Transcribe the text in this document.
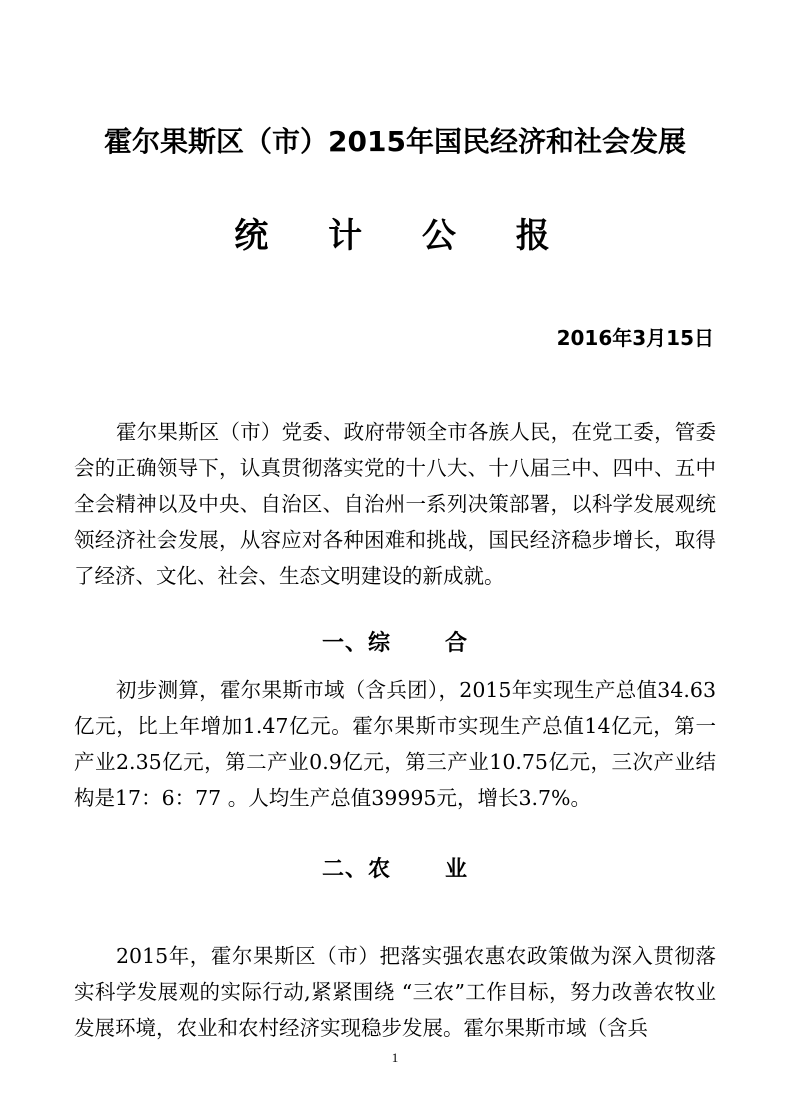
霍尔果斯区（市）2015年国民经济和社会发展
统 计 公 报
2016年3月15日

霍尔果斯区（市）党委、政府带领全市各族人民，在党工委，管委会的正确领导下，认真贯彻落实党的十八大、十八届三中、四中、五中全会精神以及中央、自治区、自治州一系列决策部署，以科学发展观统领经济社会发展，从容应对各种困难和挑战，国民经济稳步增长，取得了经济、文化、社会、生态文明建设的新成就。

一、综 合

初步测算，霍尔果斯市域（含兵团），2015年实现生产总值34.63亿元，比上年增加1.47亿元。霍尔果斯市实现生产总值14亿元，第一产业2.35亿元，第二产业0.9亿元，第三产业10.75亿元，三次产业结构是17：6：77 。人均生产总值39995元，增长3.7%。

二、农 业

2015年，霍尔果斯区（市）把落实强农惠农政策做为深入贯彻落实科学发展观的实际行动,紧紧围绕 “三农”工作目标，努力改善农牧业发展环境，农业和农村经济实现稳步发展。霍尔果斯市域（含兵

1
